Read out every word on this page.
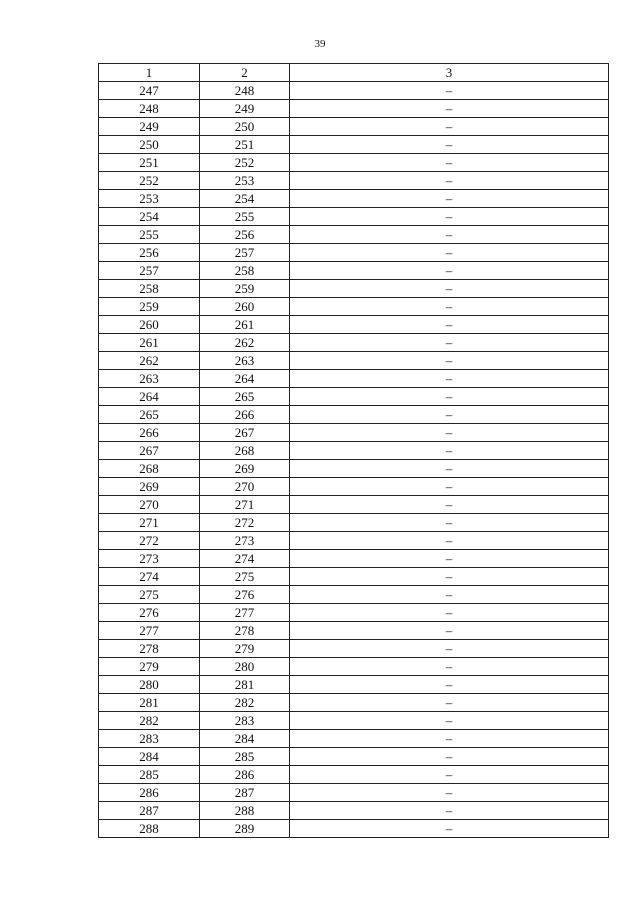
39
1	2	3
247	248	–
248	249	–
249	250	–
250	251	–
251	252	–
252	253	–
253	254	–
254	255	–
255	256	–
256	257	–
257	258	–
258	259	–
259	260	–
260	261	–
261	262	–
262	263	–
263	264	–
264	265	–
265	266	–
266	267	–
267	268	–
268	269	–
269	270	–
270	271	–
271	272	–
272	273	–
273	274	–
274	275	–
275	276	–
276	277	–
277	278	–
278	279	–
279	280	–
280	281	–
281	282	–
282	283	–
283	284	–
284	285	–
285	286	–
286	287	–
287	288	–
288	289	–
